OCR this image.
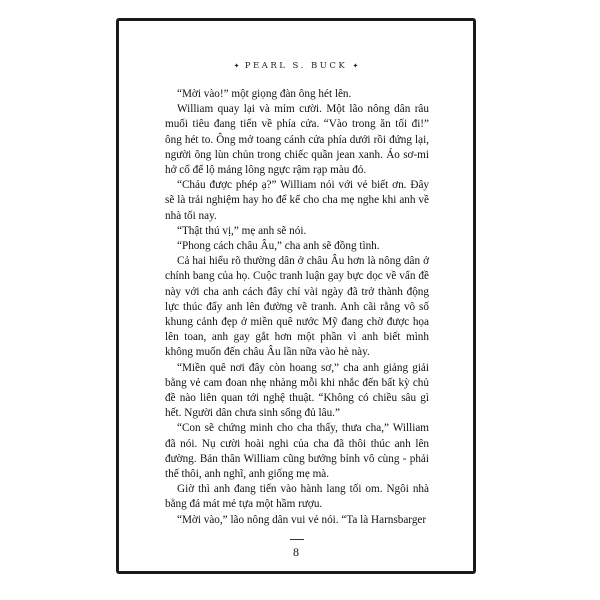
✦ PEARL S. BUCK ✦

“Mời vào!” một giọng đàn ông hét lên.

William quay lại và mỉm cười. Một lão nông dân râu muối tiêu đang tiến về phía cửa. “Vào trong ăn tối đi!” ông hét to. Ông mở toang cánh cửa phía dưới rồi đứng lại, người ông lùn chủn trong chiếc quần jean xanh. Áo sơ-mi hở cổ để lộ mảng lông ngực rậm rạp màu đỏ.

“Cháu được phép ạ?” William nói với vẻ biết ơn. Đây sẽ là trải nghiệm hay ho để kể cho cha mẹ nghe khi anh về nhà tối nay.

“Thật thú vị,” mẹ anh sẽ nói.

“Phong cách châu Âu,” cha anh sẽ đồng tình.

Cả hai hiểu rõ thường dân ở châu Âu hơn là nông dân ở chính bang của họ. Cuộc tranh luận gay bực dọc về vấn đề này với cha anh cách đây chỉ vài ngày đã trở thành động lực thúc đẩy anh lên đường vẽ tranh. Anh cãi rằng vô số khung cảnh đẹp ở miền quê nước Mỹ đang chờ được họa lên toan, anh gay gắt hơn một phần vì anh biết mình không muốn đến châu Âu lần nữa vào hè này.

“Miền quê nơi đây còn hoang sơ,” cha anh giảng giải bằng vẻ cam đoan nhẹ nhàng mỗi khi nhắc đến bất kỳ chủ đề nào liên quan tới nghệ thuật. “Không có chiều sâu gì hết. Người dân chưa sinh sống đủ lâu.”

“Con sẽ chứng minh cho cha thấy, thưa cha,” William đã nói. Nụ cười hoài nghi của cha đã thôi thúc anh lên đường. Bản thân William cũng bướng bỉnh vô cùng - phải thế thôi, anh nghĩ, anh giống mẹ mà.

Giờ thì anh đang tiến vào hành lang tối om. Ngôi nhà bằng đá mát mẻ tựa một hầm rượu.

“Mời vào,” lão nông dân vui vẻ nói. “Ta là Harnsbarger

8
